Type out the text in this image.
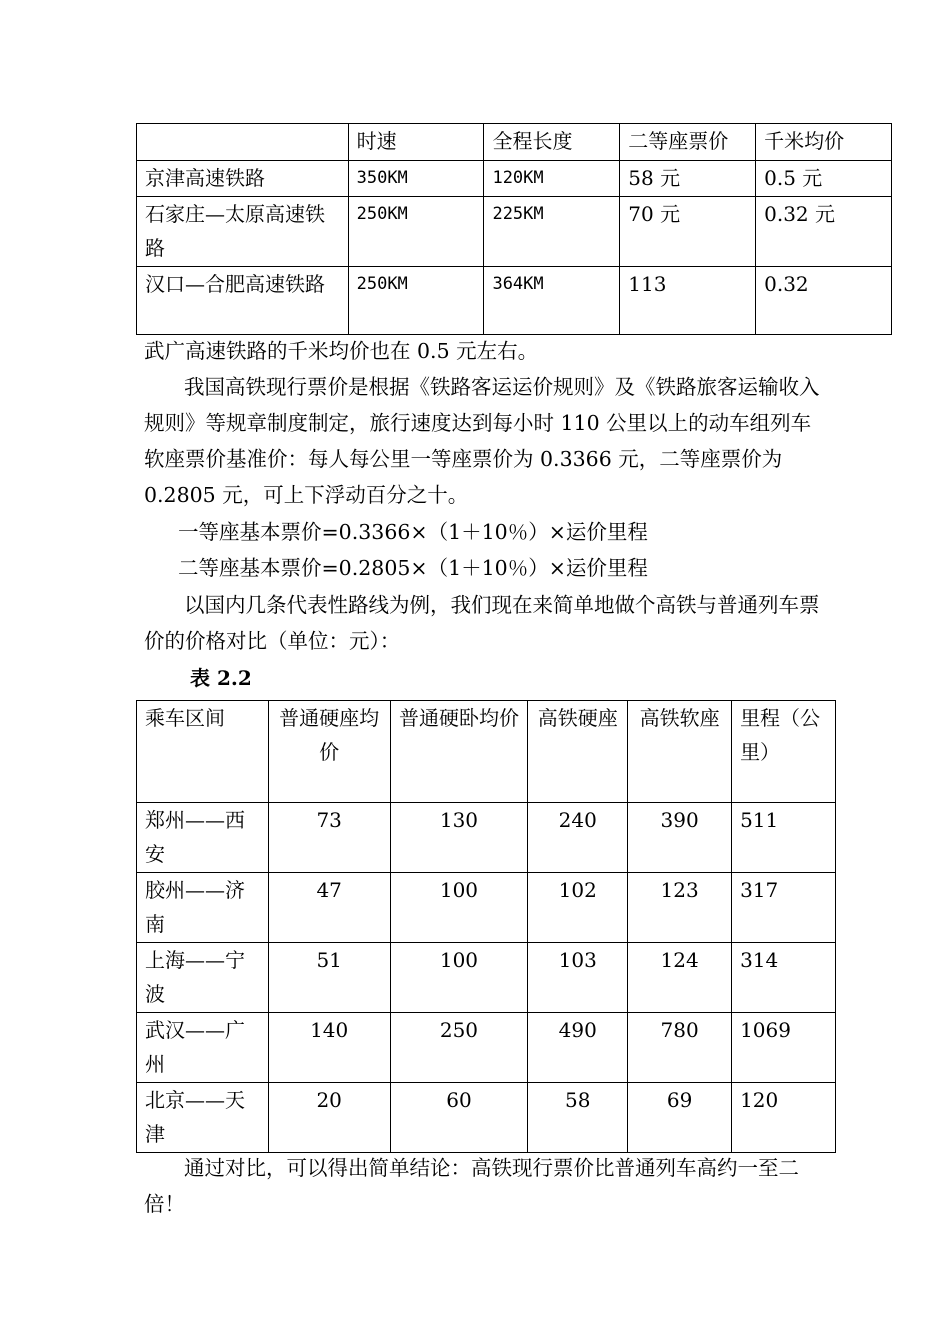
	时速	全程长度	二等座票价	千米均价
京津高速铁路	350KM	120KM	58 元	0.5 元
石家庄—太原高速铁路	250KM	225KM	70 元	0.32 元
汉口—合肥高速铁路	250KM	364KM	113	0.32

武广高速铁路的千米均价也在 0.5 元左右。

我国高铁现行票价是根据《铁路客运运价规则》及《铁路旅客运输收入规则》等规章制度制定，旅行速度达到每小时 110 公里以上的动车组列车软座票价基准价：每人每公里一等座票价为 0.3366 元，二等座票价为 0.2805 元，可上下浮动百分之十。

一等座基本票价=0.3366×（1＋10％）×运价里程

二等座基本票价=0.2805×（1＋10％）×运价里程

以国内几条代表性路线为例，我们现在来简单地做个高铁与普通列车票价的价格对比（单位：元）：

表 2.2
乘车区间	普通硬座均价	普通硬卧均价	高铁硬座	高铁软座	里程（公里）
郑州——西安	73	130	240	390	511
胶州——济南	47	100	102	123	317
上海——宁波	51	100	103	124	314
武汉——广州	140	250	490	780	1069
北京——天津	20	60	58	69	120

通过对比，可以得出简单结论：高铁现行票价比普通列车高约一至二倍！
